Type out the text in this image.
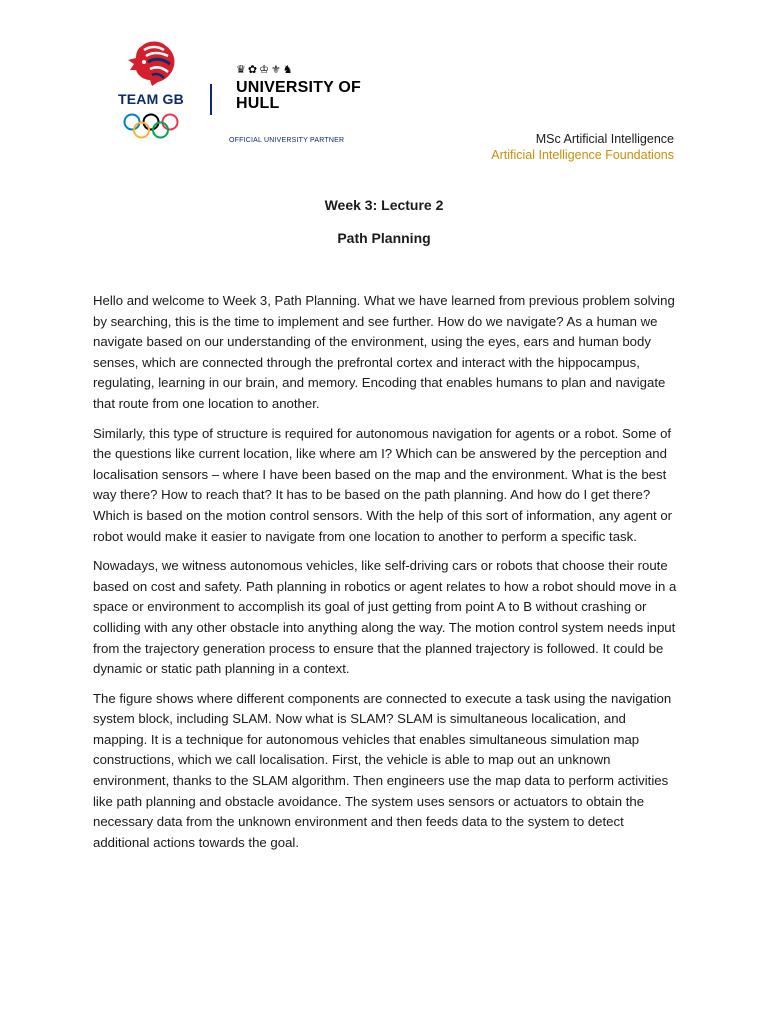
TEAM GB
♛✿♔⚜♞
UNIVERSITY OF HULL
OFFICIAL UNIVERSITY PARTNER	MSc Artificial Intelligence
Artificial Intelligence Foundations
Week 3: Lecture 2
Path Planning

Hello and welcome to Week 3, Path Planning. What we have learned from previous problem solving by searching, this is the time to implement and see further. How do we navigate? As a human we navigate based on our understanding of the environment, using the eyes, ears and human body senses, which are connected through the prefrontal cortex and interact with the hippocampus, regulating, learning in our brain, and memory. Encoding that enables humans to plan and navigate that route from one location to another.

Similarly, this type of structure is required for autonomous navigation for agents or a robot. Some of the questions like current location, like where am I? Which can be answered by the perception and localisation sensors – where I have been based on the map and the environment. What is the best way there? How to reach that? It has to be based on the path planning. And how do I get there? Which is based on the motion control sensors. With the help of this sort of information, any agent or robot would make it easier to navigate from one location to another to perform a specific task.

Nowadays, we witness autonomous vehicles, like self-driving cars or robots that choose their route based on cost and safety. Path planning in robotics or agent relates to how a robot should move in a space or environment to accomplish its goal of just getting from point A to B without crashing or colliding with any other obstacle into anything along the way. The motion control system needs input from the trajectory generation process to ensure that the planned trajectory is followed. It could be dynamic or static path planning in a context.

The figure shows where different components are connected to execute a task using the navigation system block, including SLAM. Now what is SLAM? SLAM is simultaneous localication, and mapping. It is a technique for autonomous vehicles that enables simultaneous simulation map constructions, which we call localisation. First, the vehicle is able to map out an unknown environment, thanks to the SLAM algorithm. Then engineers use the map data to perform activities like path planning and obstacle avoidance. The system uses sensors or actuators to obtain the necessary data from the unknown environment and then feeds data to the system to detect additional actions towards the goal.
